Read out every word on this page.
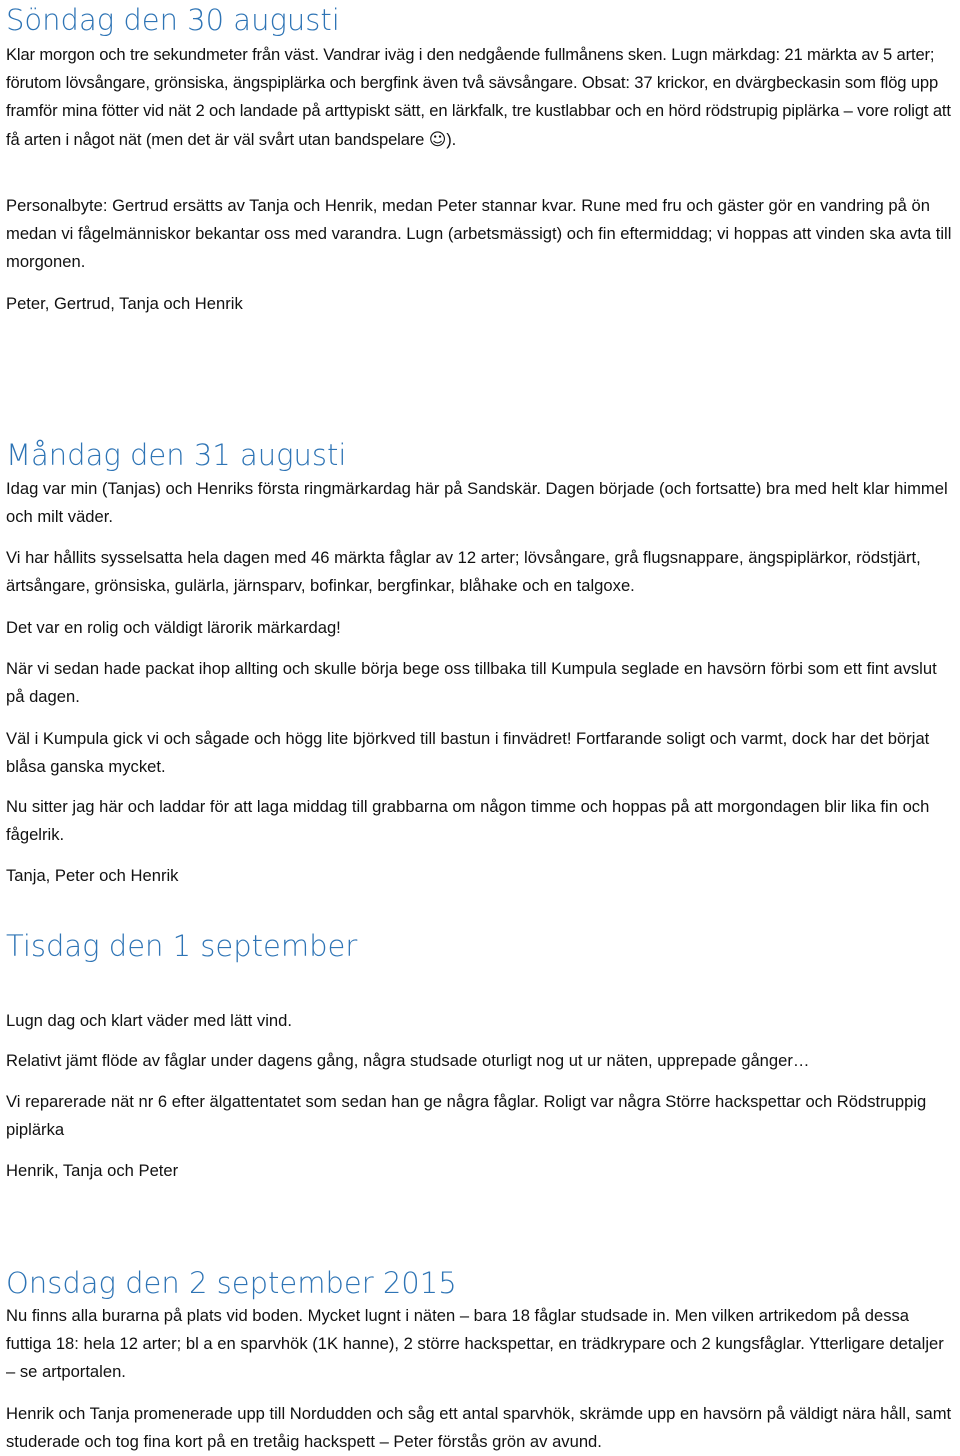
Söndag den 30 augusti

Klar morgon och tre sekundmeter från väst. Vandrar iväg i den nedgående fullmånens sken. Lugn märkdag: 21 märkta av 5 arter; förutom lövsångare, grönsiska, ängspiplärka och bergfink även två sävsångare. Obsat: 37 krickor, en dvärgbeckasin som flög upp framför mina fötter vid nät 2 och landade på arttypiskt sätt, en lärkfalk, tre kustlabbar och en hörd rödstrupig piplärka – vore roligt att få arten i något nät (men det är väl svårt utan bandspelare ☺).

Personalbyte: Gertrud ersätts av Tanja och Henrik, medan Peter stannar kvar. Rune med fru och gäster gör en vandring på ön medan vi fågelmänniskor bekantar oss med varandra. Lugn (arbetsmässigt) och fin eftermiddag; vi hoppas att vinden ska avta till morgonen.

Peter, Gertrud, Tanja och Henrik

Måndag den 31 augusti

Idag var min (Tanjas) och Henriks första ringmärkardag här på Sandskär. Dagen började (och fortsatte) bra med helt klar himmel och milt väder.

Vi har hållits sysselsatta hela dagen med 46 märkta fåglar av 12 arter; lövsångare, grå flugsnappare, ängspiplärkor, rödstjärt, ärtsångare, grönsiska, gulärla, järnsparv, bofinkar, bergfinkar, blåhake och en talgoxe.

Det var en rolig och väldigt lärorik märkardag!

När vi sedan hade packat ihop allting och skulle börja bege oss tillbaka till Kumpula seglade en havsörn förbi som ett fint avslut på dagen.

Väl i Kumpula gick vi och sågade och högg lite björkved till bastun i finvädret! Fortfarande soligt och varmt, dock har det börjat blåsa ganska mycket.

Nu sitter jag här och laddar för att laga middag till grabbarna om någon timme och hoppas på att morgondagen blir lika fin och fågelrik.

Tanja, Peter och Henrik

Tisdag den 1 september

Lugn dag och klart väder med lätt vind.

Relativt jämt flöde av fåglar under dagens gång, några studsade oturligt nog ut ur näten, upprepade gånger…

Vi reparerade nät nr 6 efter älgattentatet som sedan han ge några fåglar. Roligt var några Större hackspettar och Rödstruppig piplärka

Henrik, Tanja och Peter

Onsdag den 2 september 2015

Nu finns alla burarna på plats vid boden. Mycket lugnt i näten – bara 18 fåglar studsade in. Men vilken artrikedom på dessa futtiga 18: hela 12 arter; bl a en sparvhök (1K hanne), 2 större hackspettar, en trädkrypare och 2 kungsfåglar. Ytterligare detaljer – se artportalen.

Henrik och Tanja promenerade upp till Nordudden och såg ett antal sparvhök, skrämde upp en havsörn på väldigt nära håll, samt studerade och tog fina kort på en tretåig hackspett – Peter förstås grön av avund.
